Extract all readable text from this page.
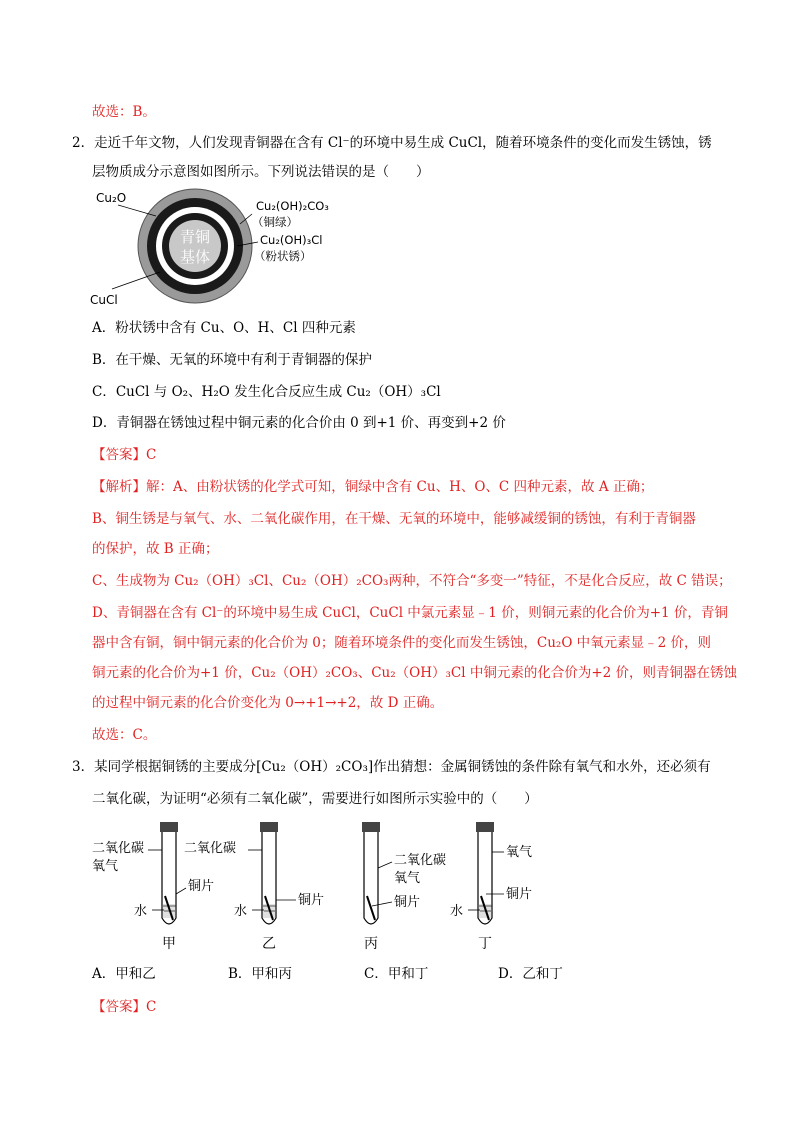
故选：B。
2．走近千年文物，人们发现青铜器在含有 Cl⁻的环境中易生成 CuCl，随着环境条件的变化而发生锈蚀，锈
层物质成分示意图如图所示。下列说法错误的是（　　）
青铜
基体
Cu₂O
CuCl
Cu₂(OH)₂CO₃
（铜绿）
Cu₂(OH)₃Cl
（粉状锈）
A．粉状锈中含有 Cu、O、H、Cl 四种元素
B．在干燥、无氧的环境中有利于青铜器的保护
C．CuCl 与 O₂、H₂O 发生化合反应生成 Cu₂（OH）₃Cl
D．青铜器在锈蚀过程中铜元素的化合价由 0 到+1 价、再变到+2 价
【答案】C
【解析】解：A、由粉状锈的化学式可知，铜绿中含有 Cu、H、O、C 四种元素，故 A 正确；
B、铜生锈是与氧气、水、二氧化碳作用，在干燥、无氧的环境中，能够减缓铜的锈蚀，有利于青铜器
的保护，故 B 正确；
C、生成物为 Cu₂（OH）₃Cl、Cu₂（OH）₂CO₃两种，不符合“多变一”特征，不是化合反应，故 C 错误；
D、青铜器在含有 Cl⁻的环境中易生成 CuCl，CuCl 中氯元素显﹣1 价，则铜元素的化合价为+1 价，青铜
器中含有铜，铜中铜元素的化合价为 0；随着环境条件的变化而发生锈蚀，Cu₂O 中氧元素显﹣2 价，则
铜元素的化合价为+1 价，Cu₂（OH）₂CO₃、Cu₂（OH）₃Cl 中铜元素的化合价为+2 价，则青铜器在锈蚀
的过程中铜元素的化合价变化为 0→+1→+2，故 D 正确。
故选：C。
3．某同学根据铜锈的主要成分[Cu₂（OH）₂CO₃]作出猜想：金属铜锈蚀的条件除有氧气和水外，还必须有
二氧化碳，为证明“必须有二氧化碳”，需要进行如图所示实验中的（　　）
二氧化碳
氧气
铜片
水
甲
二氧化碳
铜片
水
乙
二氧化碳
氧气
铜片
丙
氧气
铜片
水
丁
A．甲和乙	B．甲和丙	C．甲和丁	D．乙和丁
【答案】C
